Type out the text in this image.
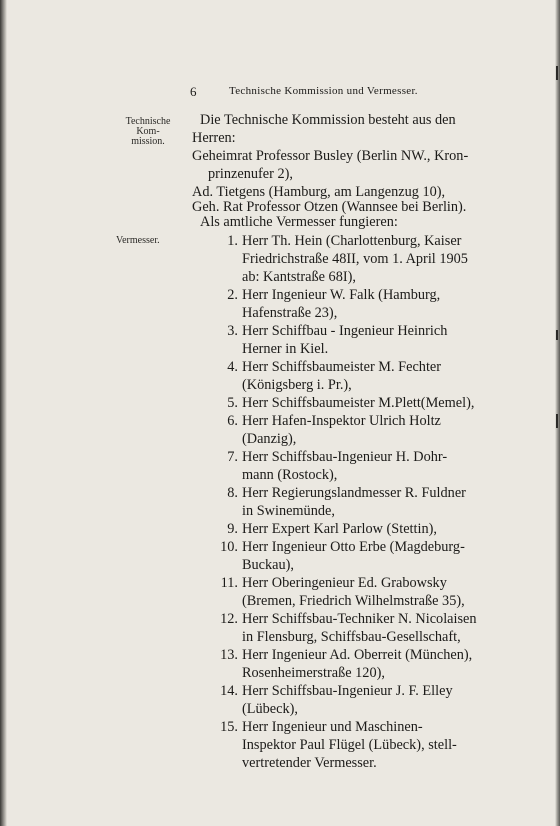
6	Technische Kommission und Vermesser.
Technische
Kom-
mission.
Vermesser.
Die Technische Kommission besteht aus den
Herren:
Geheimrat Professor Busley (Berlin NW., Kron-
prinzenufer 2),
Ad. Tietgens (Hamburg, am Langenzug 10),
Geh. Rat Professor Otzen (Wannsee bei Berlin).
Als amtliche Vermesser fungieren:
1. Herr Th. Hein (Charlottenburg, Kaiser
Friedrichstraße 48II, vom 1. April 1905
ab: Kantstraße 68I),
2. Herr Ingenieur W. Falk (Hamburg,
Hafenstraße 23),
3. Herr Schiffbau - Ingenieur Heinrich
Herner in Kiel.
4. Herr Schiffsbaumeister M. Fechter
(Königsberg i. Pr.),
5. Herr Schiffsbaumeister M.Plett(Memel),
6. Herr Hafen-Inspektor Ulrich Holtz
(Danzig),
7. Herr Schiffsbau-Ingenieur H. Dohr-
mann (Rostock),
8. Herr Regierungslandmesser R. Fuldner
in Swinemünde,
9. Herr Expert Karl Parlow (Stettin),
10. Herr Ingenieur Otto Erbe (Magdeburg-
Buckau),
11. Herr Oberingenieur Ed. Grabowsky
(Bremen, Friedrich Wilhelmstraße 35),
12. Herr Schiffsbau-Techniker N. Nicolaisen
in Flensburg, Schiffsbau-Gesellschaft,
13. Herr Ingenieur Ad. Oberreit (München),
Rosenheimerstraße 120),
14. Herr Schiffsbau-Ingenieur J. F. Elley
(Lübeck),
15. Herr Ingenieur und Maschinen-
Inspektor Paul Flügel (Lübeck), stell-
vertretender Vermesser.
